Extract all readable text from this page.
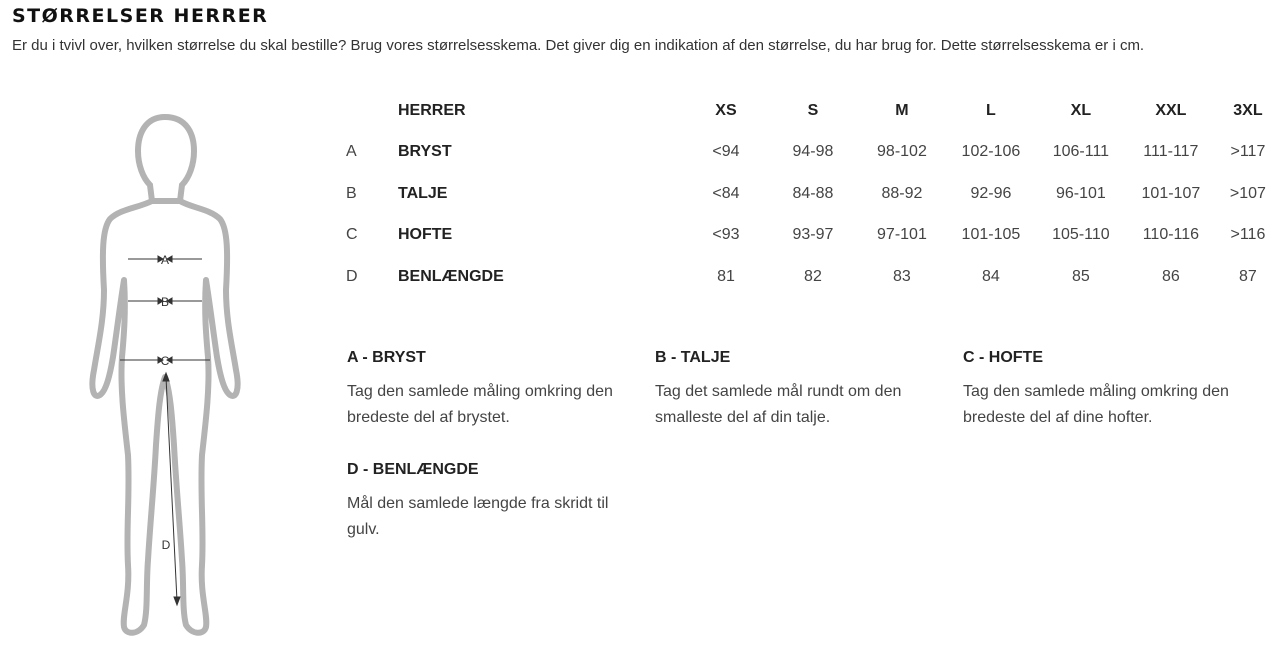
STØRRELSER HERRER

Er du i tvivl over, hvilken størrelse du skal bestille? Brug vores størrelsesskema. Det giver dig en indikation af den størrelse, du har brug for. Dette størrelsesskema er i cm.

A
B
C
D
	HERRER	XS	S	M	L	XL	XXL	3XL
A	BRYST	<94	94-98	98-102	102-106	106-111	111-117	>117
B	TALJE	<84	84-88	88-92	92-96	96-101	101-107	>107
C	HOFTE	<93	93-97	97-101	101-105	105-110	110-116	>116
D	BENLÆNGDE	81	82	83	84	85	86	87
A - BRYST

Tag den samlede måling omkring den bredeste del af brystet.

B - TALJE

Tag det samlede mål rundt om den smalleste del af din talje.

C - HOFTE

Tag den samlede måling omkring den bredeste del af dine hofter.

D - BENLÆNGDE

Mål den samlede længde fra skridt til gulv.
